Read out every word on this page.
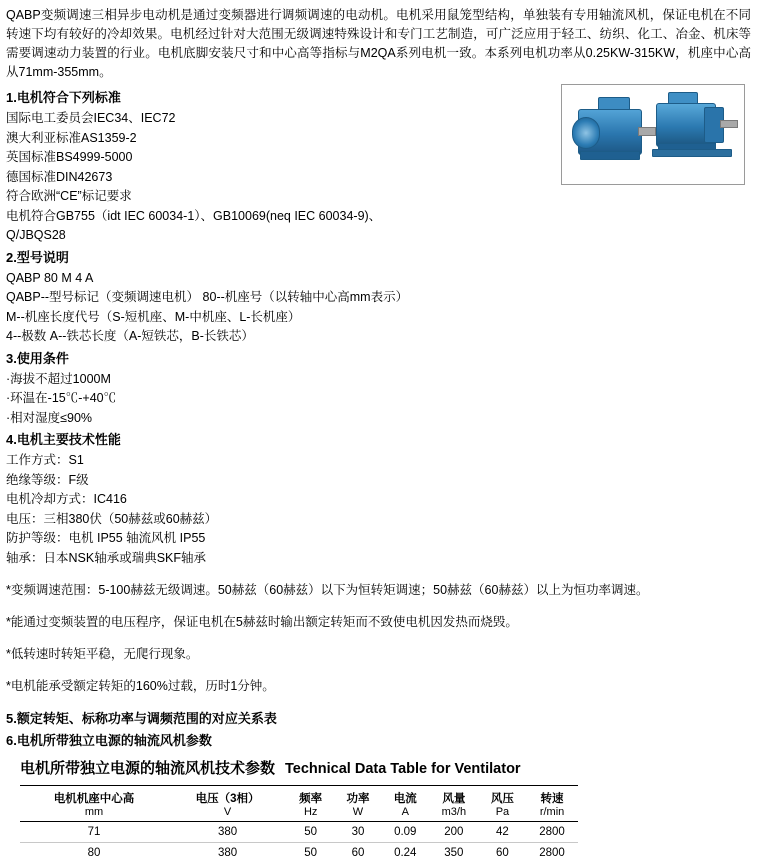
QABP变频调速三相异步电动机是通过变频器进行调频调速的电动机。电机采用鼠笼型结构，单独装有专用轴流风机，保证电机在不同转速下均有较好的冷却效果。电机经过针对大范围无级调速特殊设计和专门工艺制造，可广泛应用于轻工、纺织、化工、冶金、机床等需要调速动力装置的行业。电机底脚安装尺寸和中心高等指标与M2QA系列电机一致。本系列电机功率从0.25KW-315KW，机座中心高从71mm-355mm。

1.电机符合下列标准

国际电工委员会IEC34、IEC72

澳大利亚标准AS1359-2

英国标准BS4999-5000

德国标准DIN42673

符合欧洲“CE”标记要求

电机符合GB755（idt IEC 60034-1）、GB10069(neq IEC 60034-9)、

Q/JBQS28

2.型号说明

QABP 80 M 4 A

QABP--型号标记（变频调速电机） 80--机座号（以转轴中心高mm表示）

M--机座长度代号（S-短机座、M-中机座、L-长机座）

4--极数 A--铁芯长度（A-短铁芯，B-长铁芯）

3.使用条件

·海拔不超过1000M

·环温在-15℃-+40℃

·相对湿度≤90%

4.电机主要技术性能

工作方式：S1

绝缘等级：F级

电机冷却方式：IC416

电压：三相380伏（50赫兹或60赫兹）

防护等级：电机 IP55 轴流风机 IP55

轴承：日本NSK轴承或瑞典SKF轴承

*变频调速范围：5-100赫兹无级调速。50赫兹（60赫兹）以下为恒转矩调速；50赫兹（60赫兹）以上为恒功率调速。

*能通过变频装置的电压程序，保证电机在5赫兹时输出额定转矩而不致使电机因发热而烧毁。

*低转速时转矩平稳，无爬行现象。

*电机能承受额定转矩的160%过载，历时1分钟。

5.额定转矩、标称功率与调频范围的对应关系表
6.电机所带独立电源的轴流风机参数
电机所带独立电源的轴流风机技术参数 Technical Data Table for Ventilator
电机机座中心高	电压（3相）	频率	功率	电流	风量	风压	转速
mm	V	Hz	W	A	m3/h	Pa	r/min
71	380	50	30	0.09	200	42	2800
80	380	50	60	0.24	350	60	2800
